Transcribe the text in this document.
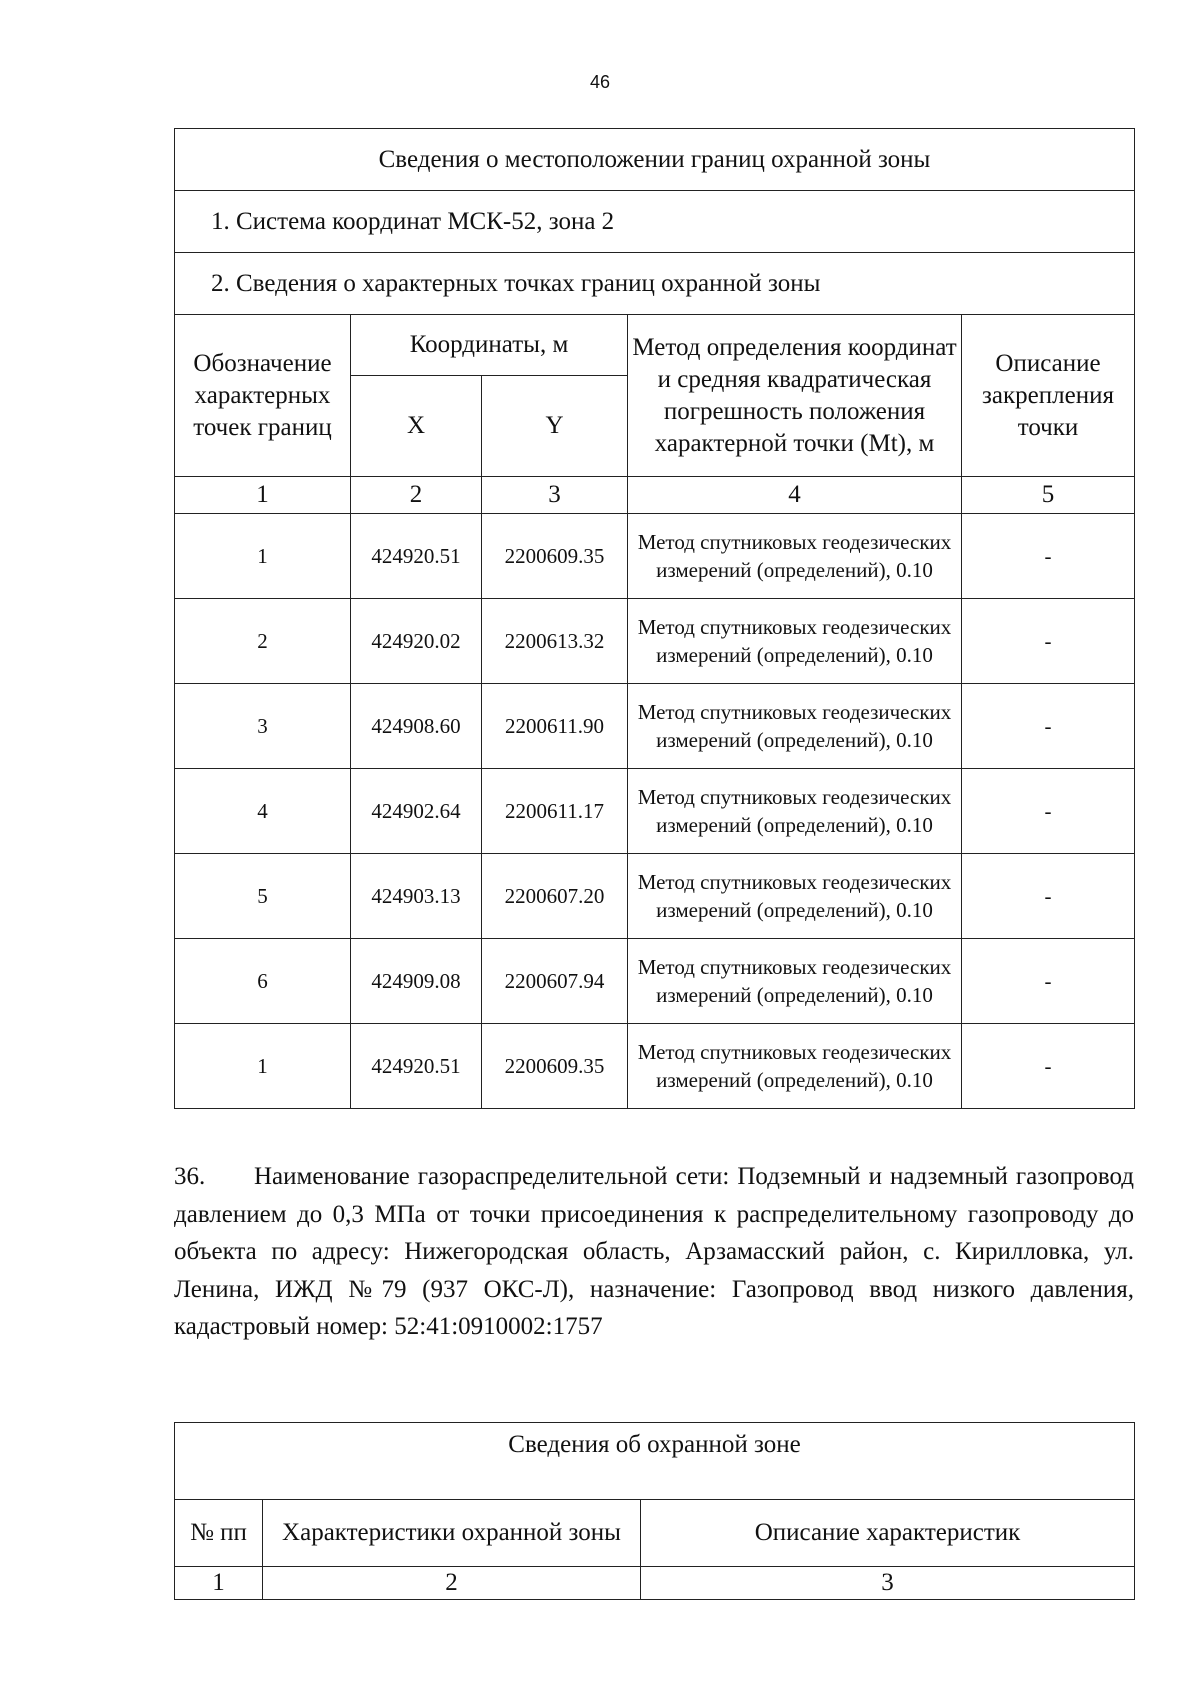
46
Сведения о местоположении границ охранной зоны				
1. Система координат МСК-52, зона 2				
2. Сведения о характерных точках границ охранной зоны				
Обозначение характерных точек границ	Координаты, м		Метод определения координат и средняя квадратическая погрешность положения характерной точки (Mt), м	Описание закрепления точки
	X	Y		
1	2	3	4	5
1	424920.51	2200609.35	Метод спутниковых геодезических измерений (определений), 0.10	-
2	424920.02	2200613.32	Метод спутниковых геодезических измерений (определений), 0.10	-
3	424908.60	2200611.90	Метод спутниковых геодезических измерений (определений), 0.10	-
4	424902.64	2200611.17	Метод спутниковых геодезических измерений (определений), 0.10	-
5	424903.13	2200607.20	Метод спутниковых геодезических измерений (определений), 0.10	-
6	424909.08	2200607.94	Метод спутниковых геодезических измерений (определений), 0.10	-
1	424920.51	2200609.35	Метод спутниковых геодезических измерений (определений), 0.10	-

36. Наименование газораспределительной сети: Подземный и надземный газопровод давлением до 0,3 МПа от точки присоединения к распределительному газопроводу до объекта по адресу: Нижегородская область, Арзамасский район, с. Кирилловка, ул. Ленина, ИЖД №79 (937 ОКС-Л), назначение: Газопровод ввод низкого давления, кадастровый номер: 52:41:0910002:1757

Сведения об охранной зоне		
№ пп	Характеристики охранной зоны	Описание характеристик
1	2	3
